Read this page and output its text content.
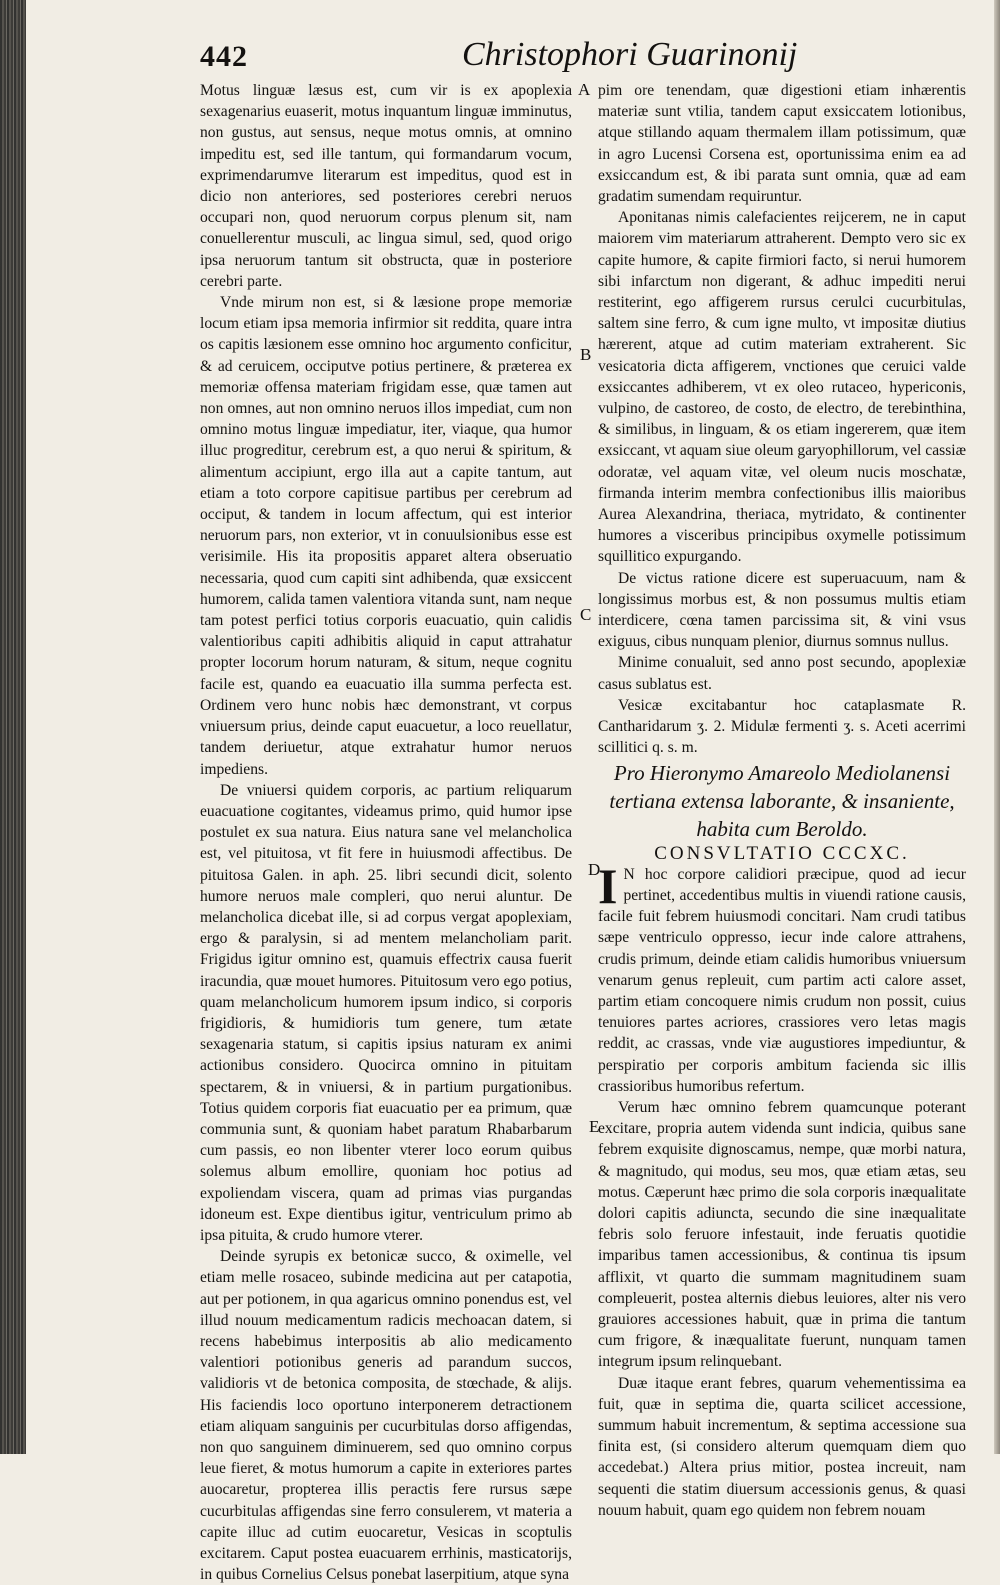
442	Christophori Guarinonij
A
B
C
D
E

Motus linguæ læsus est, cum vir is ex apoplexia sexagenarius euaserit, motus inquantum linguæ imminutus, non gustus, aut sensus, neque motus omnis, at omnino impeditu est, sed ille tantum, qui formandarum vocum, exprimendarumve literarum est impeditus, quod est in dicio non anteriores, sed posteriores cerebri neruos occupari non, quod neruorum corpus plenum sit, nam conuellerentur musculi, ac lingua simul, sed, quod origo ipsa neruorum tantum sit obstructa, quæ in posteriore cerebri parte.

Vnde mirum non est, si & læsione prope memoriæ locum etiam ipsa memoria infirmior sit reddita, quare intra os capitis læsionem esse omnino hoc argumento conficitur, & ad ceruicem, occiputve potius pertinere, & præterea ex memoriæ offensa materiam frigidam esse, quæ tamen aut non omnes, aut non omnino neruos illos impediat, cum non omnino motus linguæ impediatur, iter, viaque, qua humor illuc progreditur, cerebrum est, a quo nerui & spiritum, & alimentum accipiunt, ergo illa aut a capite tantum, aut etiam a toto corpore capitisue partibus per cerebrum ad occiput, & tandem in locum affectum, qui est interior neruorum pars, non exterior, vt in conuulsionibus esse est verisimile. His ita propositis apparet altera obseruatio necessaria, quod cum capiti sint adhibenda, quæ exsiccent humorem, calida tamen valentiora vitanda sunt, nam neque tam potest perfici totius corporis euacuatio, quin calidis valentioribus capiti adhibitis aliquid in caput attrahatur propter locorum horum naturam, & situm, neque cognitu facile est, quando ea euacuatio illa summa perfecta est. Ordinem vero hunc nobis hæc demonstrant, vt corpus vniuersum prius, deinde caput euacuetur, a loco reuellatur, tandem deriuetur, atque extrahatur humor neruos impediens.

De vniuersi quidem corporis, ac partium reliquarum euacuatione cogitantes, videamus primo, quid humor ipse postulet ex sua natura. Eius natura sane vel melancholica est, vel pituitosa, vt fit fere in huiusmodi affectibus. De pituitosa Galen. in aph. 25. libri secundi dicit, solento humore neruos male compleri, quo nerui aluntur. De melancholica dicebat ille, si ad corpus vergat apoplexiam, ergo & paralysin, si ad mentem melancholiam parit. Frigidus igitur omnino est, quamuis effectrix causa fuerit iracundia, quæ mouet humores. Pituitosum vero ego potius, quam melancholicum humorem ipsum indico, si corporis frigidioris, & humidioris tum genere, tum ætate sexagenaria statum, si capitis ipsius naturam ex animi actionibus considero. Quocirca omnino in pituitam spectarem, & in vniuersi, & in partium purgationibus. Totius quidem corporis fiat euacuatio per ea primum, quæ communia sunt, & quoniam habet paratum Rhabarbarum cum passis, eo non libenter vterer loco eorum quibus solemus album emollire, quoniam hoc potius ad expoliendam viscera, quam ad primas vias purgandas idoneum est. Expe dientibus igitur, ventriculum primo ab ipsa pituita, & crudo humore vterer.

Deinde syrupis ex betonicæ succo, & oximelle, vel etiam melle rosaceo, subinde medicina aut per catapotia, aut per potionem, in qua agaricus omnino ponendus est, vel illud nouum medicamentum radicis mechoacan datem, si recens habebimus interpositis ab alio medicamento valentiori potionibus generis ad parandum succos, validioris vt de betonica composita, de stœchade, & alijs. His faciendis loco oportuno interponerem detractionem etiam aliquam sanguinis per cucurbitulas dorso affigendas, non quo sanguinem diminuerem, sed quo omnino corpus leue fieret, & motus humorum a capite in exteriores partes auocaretur, propterea illis peractis fere rursus sæpe cucurbitulas affigendas sine ferro consulerem, vt materia a capite illuc ad cutim euocaretur, Vesicas in scoptulis excitarem. Caput postea euacuarem errhinis, masticatorijs, in quibus Cornelius Celsus ponebat laserpitium, atque syna

pim ore tenendam, quæ digestioni etiam inhærentis materiæ sunt vtilia, tandem caput exsiccatem lotionibus, atque stillando aquam thermalem illam potissimum, quæ in agro Lucensi Corsena est, oportunissima enim ea ad exsiccandum est, & ibi parata sunt omnia, quæ ad eam gradatim sumendam requiruntur.

Aponitanas nimis calefacientes reijcerem, ne in caput maiorem vim materiarum attraherent. Dempto vero sic ex capite humore, & capite firmiori facto, si nerui humorem sibi infarctum non digerant, & adhuc impediti nerui restiterint, ego affigerem rursus cerulci cucurbitulas, saltem sine ferro, & cum igne multo, vt impositæ diutius hærerent, atque ad cutim materiam extraherent. Sic vesicatoria dicta affigerem, vnctiones que ceruici valde exsiccantes adhiberem, vt ex oleo rutaceo, hypericonis, vulpino, de castoreo, de costo, de electro, de terebinthina, & similibus, in linguam, & os etiam ingererem, quæ item exsiccant, vt aquam siue oleum garyophillorum, vel cassiæ odoratæ, vel aquam vitæ, vel oleum nucis moschatæ, firmanda interim membra confectionibus illis maioribus Aurea Alexandrina, theriaca, mytridato, & continenter humores a visceribus principibus oxymelle potissimum squillitico expurgando.

De victus ratione dicere est superuacuum, nam & longissimus morbus est, & non possumus multis etiam interdicere, cœna tamen parcissima sit, & vini vsus exiguus, cibus nunquam plenior, diurnus somnus nullus.

Minime conualuit, sed anno post secundo, apoplexiæ casus sublatus est.

Vesicæ excitabantur hoc cataplasmate R. Cantharidarum ʒ. 2. Midulæ fermenti ʒ. s. Aceti acerrimi scillitici q. s. m.

Pro Hieronymo Amareolo Mediolanensi tertiana extensa laborante, & insaniente, habita cum Beroldo.

CONSVLTATIO CCCXC.

I N hoc corpore calidiori præcipue, quod ad iecur pertinet, accedentibus multis in viuendi ratione causis, facile fuit febrem huiusmodi concitari. Nam crudi tatibus sæpe ventriculo oppresso, iecur inde calore attrahens, crudis primum, deinde etiam calidis humoribus vniuersum venarum genus repleuit, cum partim acti calore asset, partim etiam concoquere nimis crudum non possit, cuius tenuiores partes acriores, crassiores vero letas magis reddit, ac crassas, vnde viæ augustiores impediuntur, & perspiratio per corporis ambitum facienda sic illis crassioribus humoribus refertum.

Verum hæc omnino febrem quamcunque poterant excitare, propria autem videnda sunt indicia, quibus sane febrem exquisite dignoscamus, nempe, quæ morbi natura, & magnitudo, qui modus, seu mos, quæ etiam ætas, seu motus. Cæperunt hæc primo die sola corporis inæqualitate dolori capitis adiuncta, secundo die sine inæqualitate febris solo feruore infestauit, inde feruatis quotidie imparibus tamen accessionibus, & continua tis ipsum afflixit, vt quarto die summam magnitudinem suam compleuerit, postea alternis diebus leuiores, alter nis vero grauiores accessiones habuit, quæ in prima die tantum cum frigore, & inæqualitate fuerunt, nunquam tamen integrum ipsum relinquebant.

Duæ itaque erant febres, quarum vehementissima ea fuit, quæ in septima die, quarta scilicet accessione, summum habuit incrementum, & septima accessione sua finita est, (si considero alterum quemquam diem quo accedebat.) Altera prius mitior, postea increuit, nam sequenti die statim diuersum accessionis genus, & quasi nouum habuit, quam ego quidem non febrem nouam
